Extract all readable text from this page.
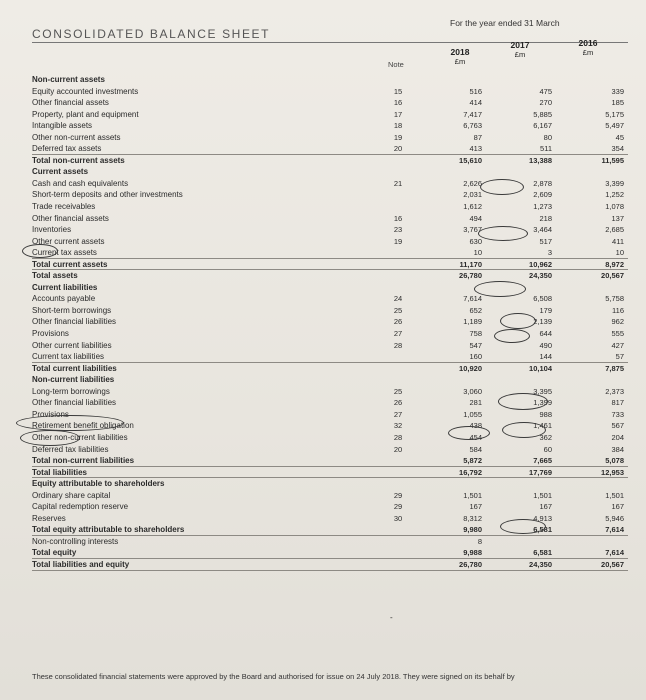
CONSOLIDATED BALANCE SHEET
For the year ended 31 March
2018
£m
2017
£m
2016
£m
Note
Non-current assets
Equity accounted investments	15	516	475	339
Other financial assets	16	414	270	185
Property, plant and equipment	17	7,417	5,885	5,175
Intangible assets	18	6,763	6,167	5,497
Other non-current assets	19	87	80	45
Deferred tax assets	20	413	511	354
Total non-current assets	15,610	13,388	11,595
Current assets
Cash and cash equivalents	21	2,626	2,878	3,399
Short-term deposits and other investments	2,031	2,609	1,252
Trade receivables	1,612	1,273	1,078
Other financial assets	16	494	218	137
Inventories	23	3,767	3,464	2,685
Other current assets	19	630	517	411
Current tax assets	10	3	10
Total current assets	11,170	10,962	8,972
Total assets	26,780	24,350	20,567
Current liabilities
Accounts payable	24	7,614	6,508	5,758
Short-term borrowings	25	652	179	116
Other financial liabilities	26	1,189	2,139	962
Provisions	27	758	644	555
Other current liabilities	28	547	490	427
Current tax liabilities	160	144	57
Total current liabilities	10,920	10,104	7,875
Non-current liabilities
Long-term borrowings	25	3,060	3,395	2,373
Other financial liabilities	26	281	1,399	817
Provisions	27	1,055	988	733
Retirement benefit obligation	32	438	1,461	567
Other non-current liabilities	28	454	362	204
Deferred tax liabilities	20	584	60	384
Total non-current liabilities	5,872	7,665	5,078
Total liabilities	16,792	17,769	12,953
Equity attributable to shareholders
Ordinary share capital	29	1,501	1,501	1,501
Capital redemption reserve	29	167	167	167
Reserves	30	8,312	4,913	5,946
Total equity attributable to shareholders	9,980	6,581	7,614
Non-controlling interests	8
Total equity	9,988	6,581	7,614
Total liabilities and equity	26,780	24,350	20,567
-
These consolidated financial statements were approved by the Board and authorised for issue on 24 July 2018. They were signed on its behalf by
